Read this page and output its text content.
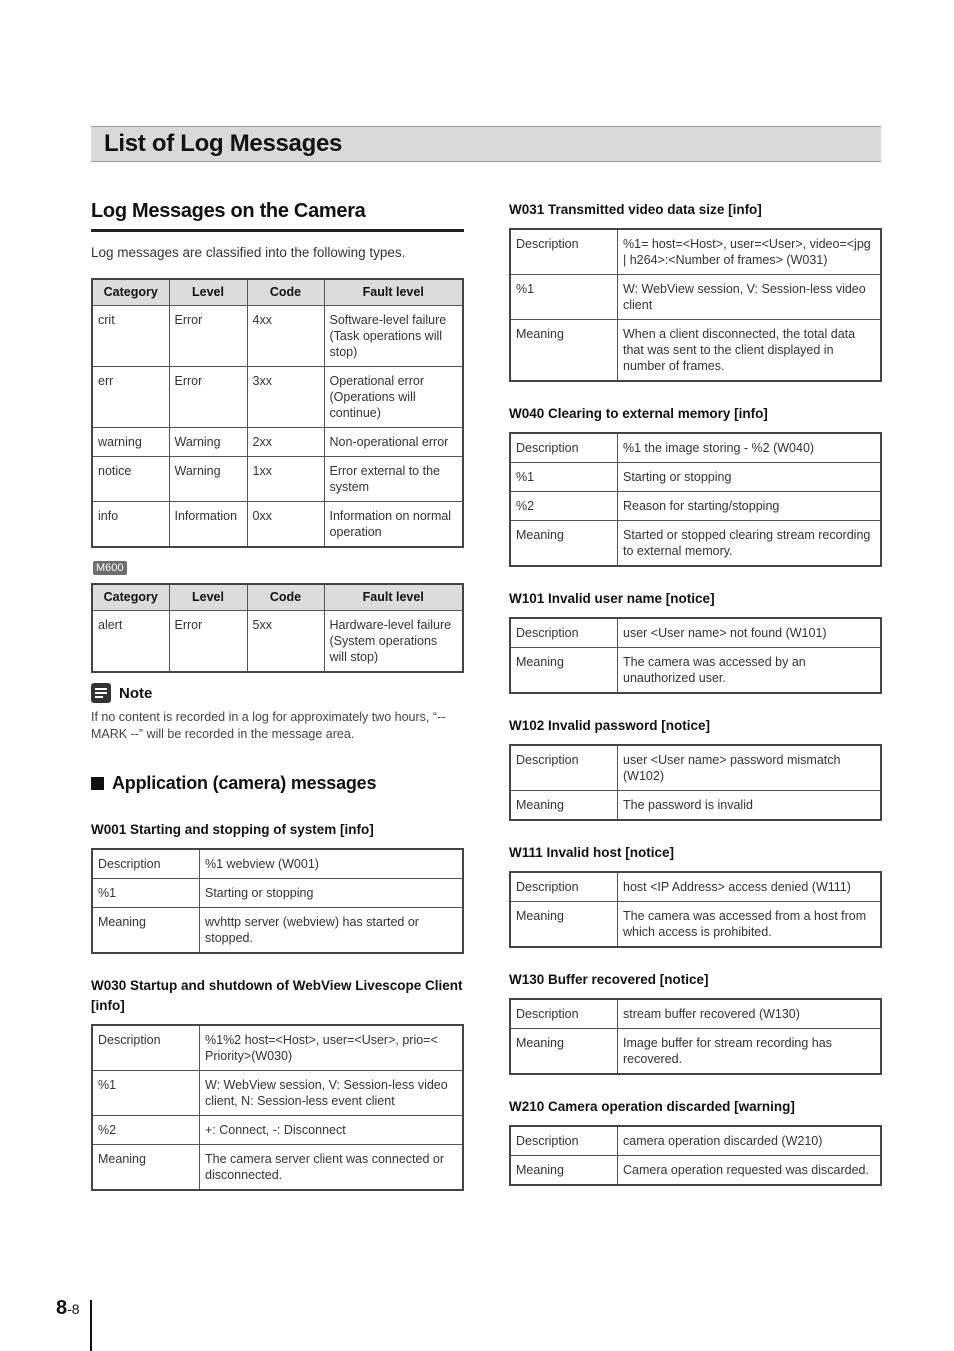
List of Log Messages
Log Messages on the Camera
Log messages are classified into the following types.
Category	Level	Code	Fault level
crit	Error	4xx	Software-level failure (Task operations will stop)
err	Error	3xx	Operational error (Operations will continue)
warning	Warning	2xx	Non-operational error
notice	Warning	1xx	Error external to the system
info	Information	0xx	Information on normal operation
M600
Category	Level	Code	Fault level
alert	Error	5xx	Hardware-level failure (System operations will stop)
Note
If no content is recorded in a log for approximately two hours, “-- MARK --” will be recorded in the message area.
Application (camera) messages
W001 Starting and stopping of system [info]
Description	%1 webview (W001)
%1	Starting or stopping
Meaning	wvhttp server (webview) has started or stopped.
W030 Startup and shutdown of WebView Livescope Client [info]
Description	%1%2 host=<Host>, user=<User>, prio=< Priority>(W030)
%1	W: WebView session, V: Session-less video client, N: Session-less event client
%2	+: Connect, -: Disconnect
Meaning	The camera server client was connected or disconnected.
W031 Transmitted video data size [info]
Description	%1= host=<Host>, user=<User>, video=<jpg | h264>:<Number of frames> (W031)
%1	W: WebView session, V: Session-less video client
Meaning	When a client disconnected, the total data that was sent to the client displayed in number of frames.
W040 Clearing to external memory [info]
Description	%1 the image storing - %2 (W040)
%1	Starting or stopping
%2	Reason for starting/stopping
Meaning	Started or stopped clearing stream recording to external memory.
W101 Invalid user name [notice]
Description	user <User name> not found (W101)
Meaning	The camera was accessed by an unauthorized user.
W102 Invalid password [notice]
Description	user <User name> password mismatch (W102)
Meaning	The password is invalid
W111 Invalid host [notice]
Description	host <IP Address> access denied (W111)
Meaning	The camera was accessed from a host from which access is prohibited.
W130 Buffer recovered [notice]
Description	stream buffer recovered (W130)
Meaning	Image buffer for stream recording has recovered.
W210 Camera operation discarded [warning]
Description	camera operation discarded (W210)
Meaning	Camera operation requested was discarded.
8-8
